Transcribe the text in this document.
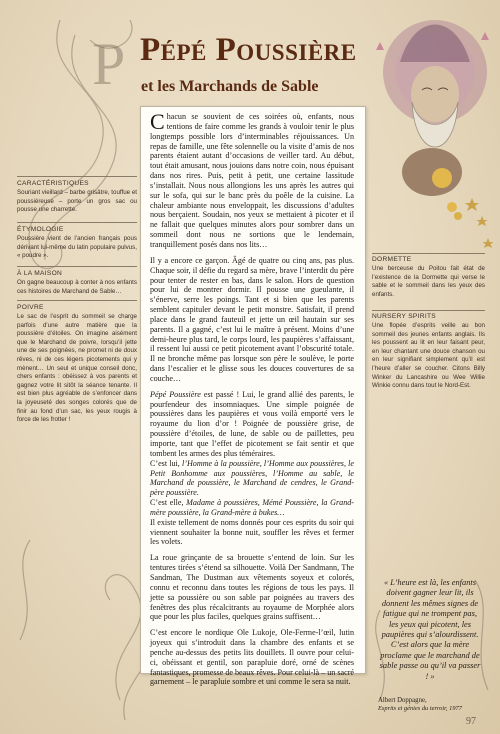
P Pépé Poussière
et les Marchands de Sable
CARACTÉRISTIQUES

Souriant vieillard – barbe grisâtre, touffue et poussiéreuse – porte un gros sac ou pousse une charrette.

ÉTYMOLOGIE

Poussière vient de l’ancien français pous dérivant lui-même du latin populaire pulvus, « poudre ».

À LA MAISON

On gagne beaucoup à conter à nos enfants ces histoires de Marchand de Sable…

POIVRE

Le sac de l’esprit du sommeil se charge parfois d’une autre matière que la poussière d’étoiles. On imagine aisément que le Marchand de poivre, lorsqu’il jette une de ses poignées, ne promet ni de doux rêves, ni de ces légers picotements qui y mènent… Un seul et unique conseil donc, chers enfants : obéissez à vos parents et gagnez votre lit sitôt la séance tenante. Il est bien plus agréable de s’enfoncer dans la joyeuseté des songes colorés que de finir au fond d’un sac, les yeux rougis à force de les frotter !

DORMETTE

Une berceuse du Poitou fait état de l’existence de la Dormette qui verse le sable et le sommeil dans les yeux des enfants.

NURSERY SPIRITS

Une flopée d’esprits veille au bon sommeil des jeunes enfants anglais. Ils les poussent au lit en leur faisant peur, en leur chantant une douce chanson ou en leur signifiant simplement qu’il est l’heure d’aller se coucher. Citons Billy Winker du Lancashire ou Wee Willie Winkie connu dans tout le Nord-Est.

Chacun se souvient de ces soirées où, enfants, nous tentions de faire comme les grands à vouloir tenir le plus longtemps possible lors d’interminables réjouissances. Un repas de famille, une fête solennelle ou la visite d’amis de nos parents étaient autant d’occasions de veiller tard. Au début, tout était amusant, nous jouions dans notre coin, nous épuisant dans nos rires. Puis, petit à petit, une certaine lassitude s’installait. Nous nous allongions les uns après les autres qui sur le sofa, qui sur le banc près du poêle de la cuisine. La chaleur ambiante nous enveloppait, les discussions d’adultes nous berçaient. Soudain, nos yeux se mettaient à picoter et il ne fallait que quelques minutes alors pour sombrer dans un sommeil dont nous ne sortions que le lendemain, tranquillement posés dans nos lits…

Il y a encore ce garçon. Âgé de quatre ou cinq ans, pas plus. Chaque soir, il défie du regard sa mère, brave l’interdit du père pour tenter de rester en bas, dans le salon. Hors de question pour lui de montrer dormir. Il pousse une gueulante, il s’énerve, serre les poings. Tant et si bien que les parents semblent capituler devant le petit monstre. Satisfait, il prend place dans le grand fauteuil et jette un œil hautain sur ses parents. Il a gagné, c’est lui le maître à présent. Moins d’une demi-heure plus tard, le corps lourd, les paupières s’affaissant, il ressent lui aussi ce petit picotement avant l’obscurité totale. Il ne bronche même pas lorsque son père le soulève, le porte dans l’escalier et le glisse sous les douces couvertures de sa couche…

Pépé Poussière est passé ! Lui, le grand allié des parents, le pourfendeur des insomniaques. Une simple poignée de poussières dans les paupières et vous voilà emporté vers le royaume du lion d’or ! Poignée de poussière grise, de poussière d’étoiles, de lune, de sable ou de paillettes, peu importe, tant que l’effet de picotement se fait sentir et que tombent les armes des plus téméraires.

C’est lui, l’Homme à la poussière, l’Homme aux poussières, le Petit Bonhomme aux poussières, l’Homme au sable, le Marchand de poussière, le Marchand de cendres, le Grand-père poussière.

C’est elle, Madame à poussières, Mémé Poussière, la Grand-mère poussière, la Grand-mère à bukes…

Il existe tellement de noms donnés pour ces esprits du soir qui viennent souhaiter la bonne nuit, souffler les rêves et fermer les volets.

La roue grinçante de sa brouette s’entend de loin. Sur les tentures tirées s’étend sa silhouette. Voilà Der Sandmann, The Sandman, The Dustman aux vêtements soyeux et colorés, connu et reconnu dans toutes les régions de tous les pays. Il jette sa poussière ou son sable par poignées au travers des fenêtres des plus récalcitrants au royaume de Morphée alors que pour les plus faciles, quelques grains suffisent…

C’est encore le nordique Ole Lukoje, Ole-Ferme-l’œil, lutin joyeux qui s’introduit dans la chambre des enfants et se penche au-dessus des petits lits douillets. Il ouvre pour celui-ci, obéissant et gentil, son parapluie doré, orné de scènes fantastiques, promesse de beaux rêves. Pour celui-là – un sacré garnement – le parapluie sombre et uni comme le sera sa nuit.

« L’heure est là, les enfants doivent gagner leur lit, ils donnent les mêmes signes de fatigue qui ne trompent pas, les yeux qui picotent, les paupières qui s’alourdissent. C’est alors que la mère proclame que le marchand de sable passe ou qu’il va passer ! »
Albert Doppagne,
Esprits et génies du terroir, 1977
97
